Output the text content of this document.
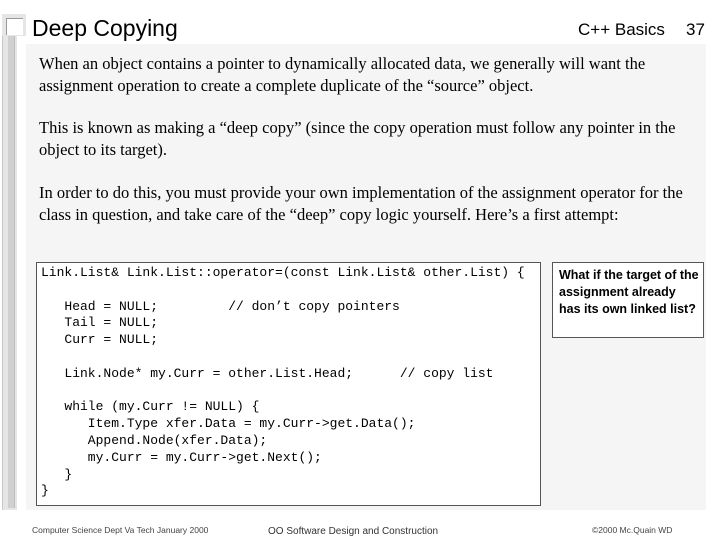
Deep Copying	C++ Basics 37
When an object contains a pointer to dynamically allocated data, we generally will want the assignment operation to create a complete duplicate of the “source” object.
This is known as making a “deep copy” (since the copy operation must follow any pointer in the object to its target).
In order to do this, you must provide your own implementation of the assignment operator for the class in question, and take care of the “deep” copy logic yourself. Here’s a first attempt:
Link.List& Link.List::operator=(const Link.List& other.List) {

Head = NULL;         // don’t copy pointers
Tail = NULL;
Curr = NULL;

Link.Node* my.Curr = other.List.Head;      // copy list

while (my.Curr != NULL) {
Item.Type xfer.Data = my.Curr->get.Data();
Append.Node(xfer.Data);
my.Curr = my.Curr->get.Next();
}
}
What if the target of the assignment already has its own linked list?
Computer Science Dept Va Tech January 2000	OO Software Design and Construction	©2000 Mc.Quain WD
